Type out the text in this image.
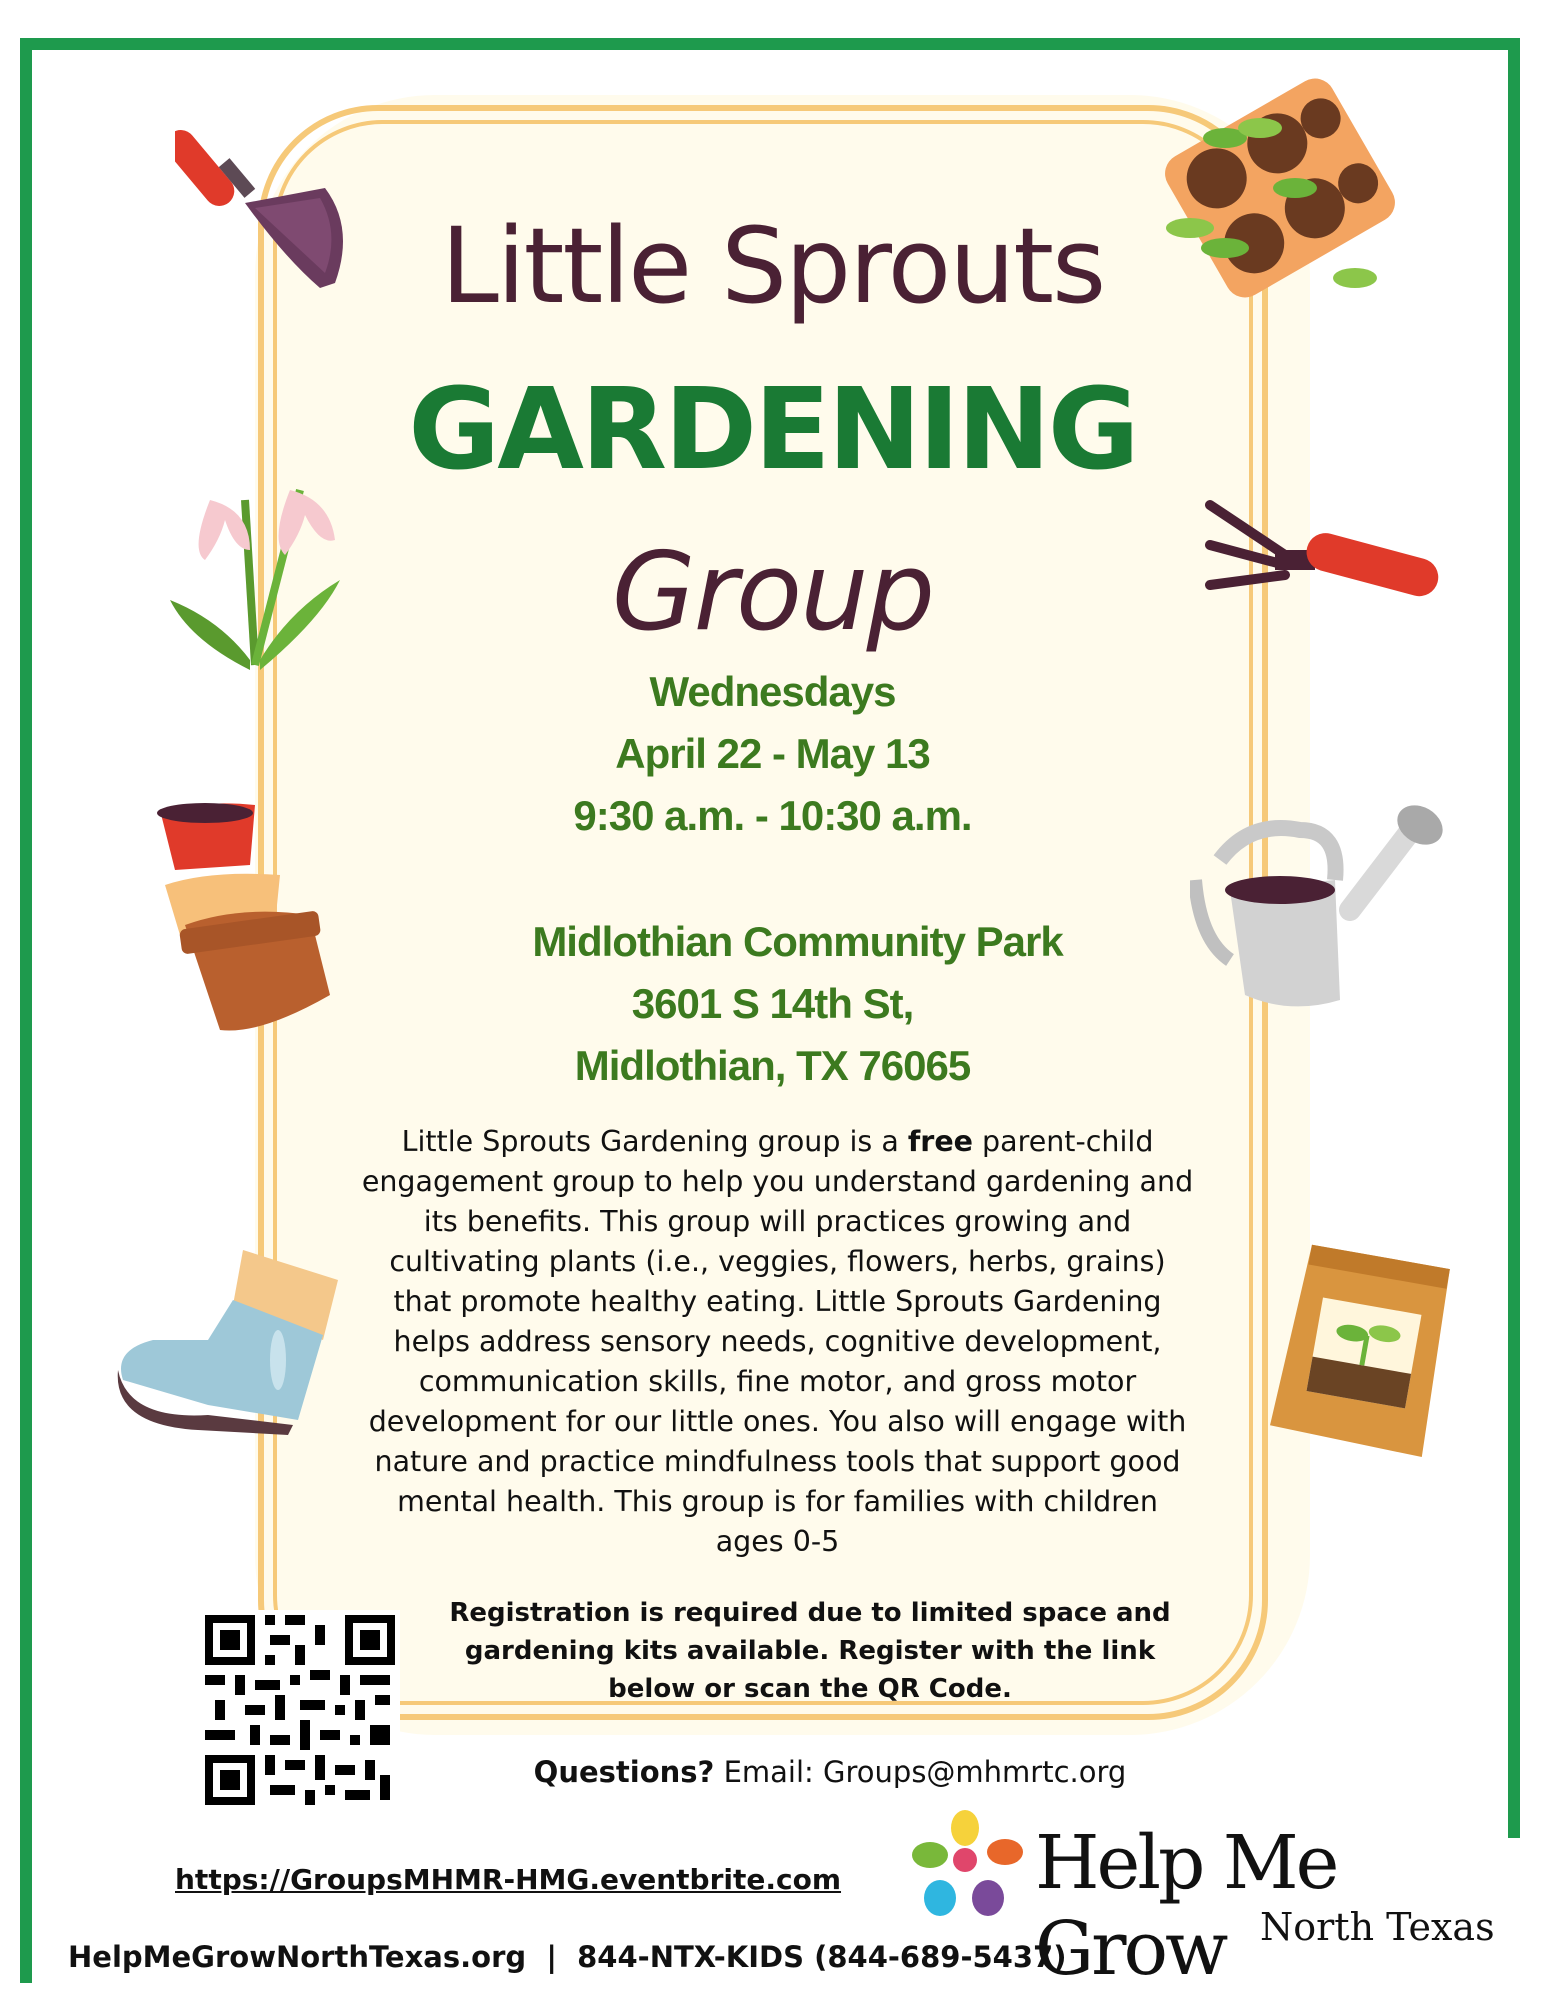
Little Sprouts
GARDENING
Group
Wednesdays
April 22 - May 13
9:30 a.m. - 10:30 a.m.
Midlothian Community Park
3601 S 14th St,
Midlothian, TX 76065
Little Sprouts Gardening group is a free parent-child engagement group to help you understand gardening and its benefits. This group will practices growing and cultivating plants (i.e., veggies, flowers, herbs, grains) that promote healthy eating. Little Sprouts Gardening helps address sensory needs, cognitive development, communication skills, fine motor, and gross motor development for our little ones. You also will engage with nature and practice mindfulness tools that support good mental health. This group is for families with children ages 0-5
Registration is required due to limited space and gardening kits available. Register with the link below or scan the QR Code.
Questions? Email: Groups@mhmrtc.org
https://GroupsMHMR-HMG.eventbrite.com
HelpMeGrowNorthTexas.org | 844-NTX-KIDS (844-689-5437)
Help Me Grow North Texas
